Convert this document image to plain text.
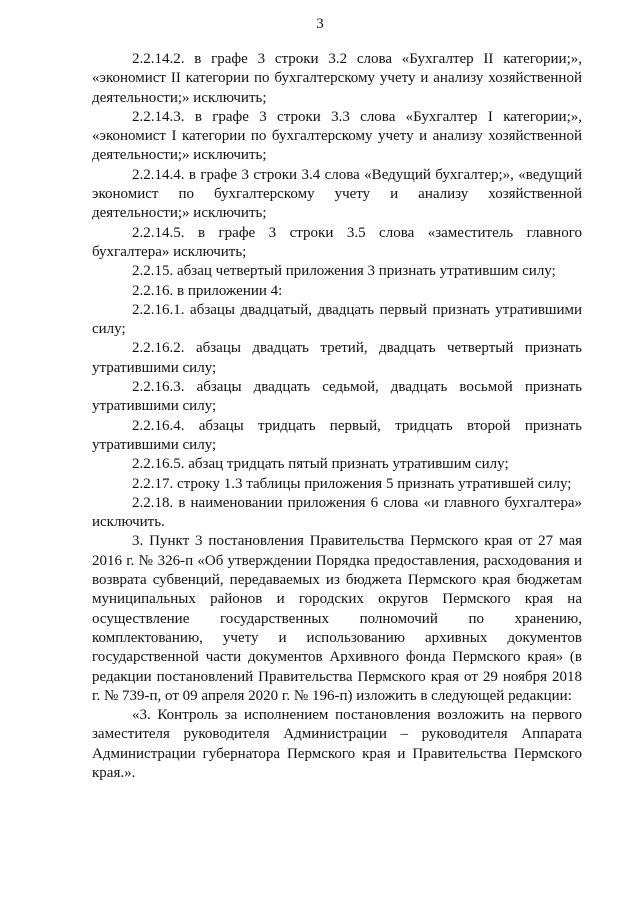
3

2.2.14.2. в графе 3 строки 3.2 слова «Бухгалтер II категории;», «экономист II категории по бухгалтерскому учету и анализу хозяйственной деятельности;» исключить;

2.2.14.3. в графе 3 строки 3.3 слова «Бухгалтер I категории;», «экономист I категории по бухгалтерскому учету и анализу хозяйственной деятельности;» исключить;

2.2.14.4. в графе 3 строки 3.4 слова «Ведущий бухгалтер;», «ведущий экономист по бухгалтерскому учету и анализу хозяйственной деятельности;» исключить;

2.2.14.5. в графе 3 строки 3.5 слова «заместитель главного бухгалтера» исключить;

2.2.15. абзац четвертый приложения 3 признать утратившим силу;

2.2.16. в приложении 4:

2.2.16.1. абзацы двадцатый, двадцать первый признать утратившими силу;

2.2.16.2. абзацы двадцать третий, двадцать четвертый признать утратившими силу;

2.2.16.3. абзацы двадцать седьмой, двадцать восьмой признать утратившими силу;

2.2.16.4. абзацы тридцать первый, тридцать второй признать утратившими силу;

2.2.16.5. абзац тридцать пятый признать утратившим силу;

2.2.17. строку 1.3 таблицы приложения 5 признать утратившей силу;

2.2.18. в наименовании приложения 6 слова «и главного бухгалтера» исключить.

3. Пункт 3 постановления Правительства Пермского края от 27 мая 2016 г. № 326-п «Об утверждении Порядка предоставления, расходования и возврата субвенций, передаваемых из бюджета Пермского края бюджетам муниципальных районов и городских округов Пермского края на осуществление государственных полномочий по хранению, комплектованию, учету и использованию архивных документов государственной части документов Архивного фонда Пермского края» (в редакции постановлений Правительства Пермского края от 29 ноября 2018 г. № 739-п, от 09 апреля 2020 г. № 196-п) изложить в следующей редакции:

«3. Контроль за исполнением постановления возложить на первого заместителя руководителя Администрации – руководителя Аппарата Администрации губернатора Пермского края и Правительства Пермского края.».
